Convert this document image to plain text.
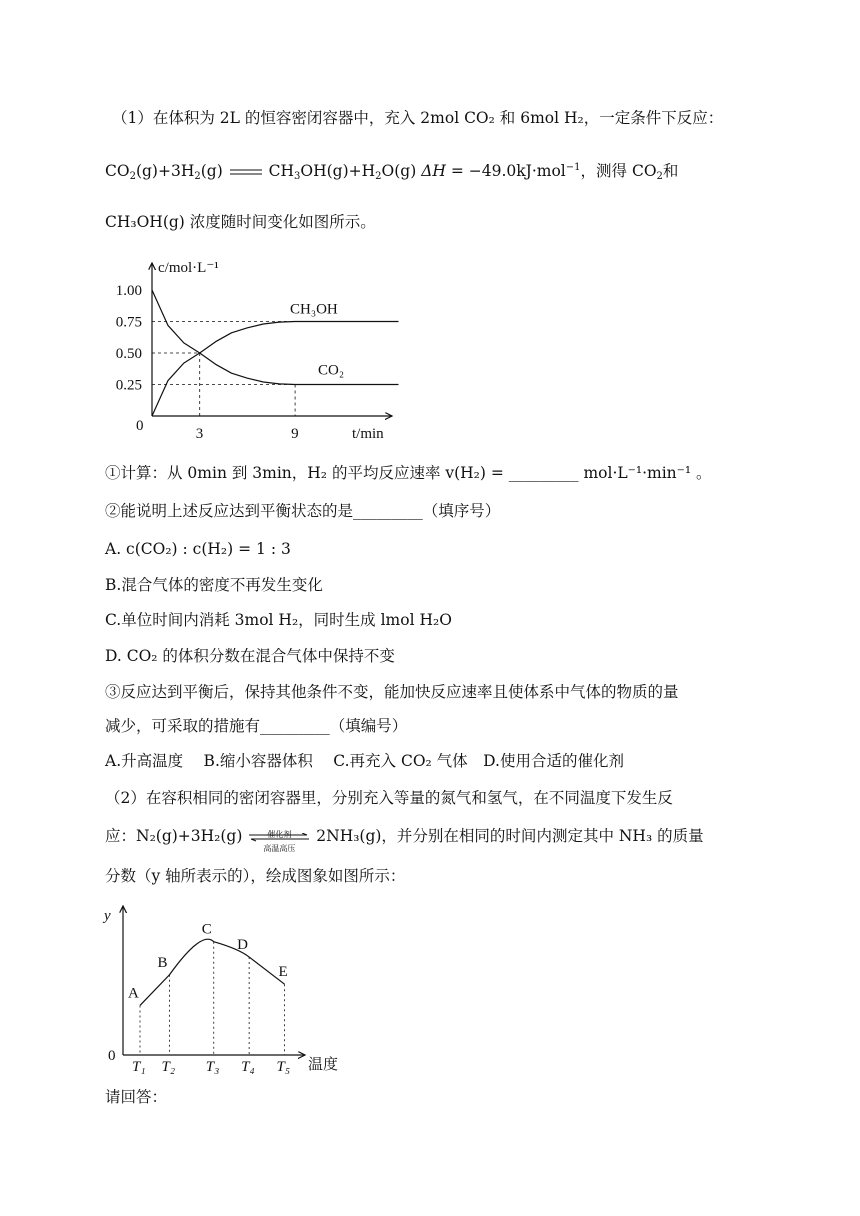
（1）在体积为 2L 的恒容密闭容器中，充入 2mol CO₂ 和 6mol H₂，一定条件下反应：
$CO_2(g)+3H_2(g)$	$CH_3OH(g)+H_2O(g) \Delta H = -49.0kJ\cdot mol^{-1}$，测得 $CO_2$和
CH₃OH(g) 浓度随时间变化如图所示。
1.00
0.75
0.50
0.25
0
c/mol·L⁻¹
t/min
3	9
CH₃OH
CO₂
①计算：从 0min 到 3min，H₂ 的平均反应速率 v(H₂) = _________ mol·L⁻¹·min⁻¹ 。
②能说明上述反应达到平衡状态的是_________（填序号）
A. c(CO₂) : c(H₂) = 1 : 3
B.混合气体的密度不再发生变化
C.单位时间内消耗 3mol H₂，同时生成 lmol H₂O
D. CO₂ 的体积分数在混合气体中保持不变
③反应达到平衡后，保持其他条件不变，能加快反应速率且使体系中气体的物质的量
减少，可采取的措施有_________（填编号）
A.升高温度　 B.缩小容器体积　 C.再充入 CO₂ 气体　D.使用合适的催化剂
（2）在容积相同的密闭容器里，分别充入等量的氮气和氢气，在不同温度下发生反
应：N₂(g)+3H₂(g)	催化剂
高温高压
2NH₃(g)，并分别在相同的时间内测定其中 NH₃ 的质量
分数（y 轴所表示的），绘成图象如图所示：
y
0
温度
A
T₁
B
T₂
C
T₃
D
T₄
E
T₅
请回答：
